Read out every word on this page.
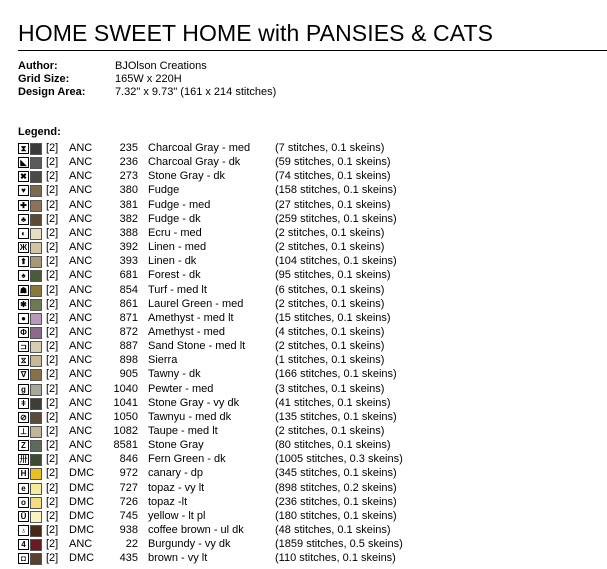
HOME SWEET HOME with PANSIES & CATS
Author:	BJOlson Creations
Grid Size:	165W x 220H
Design Area:	7.32" x 9.73" (161 x 214 stitches)
Legend:
⧗ [2] ANC	235 Charcoal Gray - med (7 stitches, 0.1 skeins)
◣ [2] ANC	236 Charcoal Gray - dk	(59 stitches, 0.1 skeins)
✖ [2] ANC	273 Stone Gray - dk	(74 stitches, 0.1 skeins)
♥ [2] ANC	380 Fudge	(158 stitches, 0.1 skeins)
✚ [2] ANC	381 Fudge - med	(27 stitches, 0.1 skeins)
♣ [2] ANC	382 Fudge - dk	(259 stitches, 0.1 skeins)
◐ [2] ANC	388 Ecru - med	(2 stitches, 0.1 skeins)
Ж [2] ANC	392 Linen - med	(2 stitches, 0.1 skeins)
⬆ [2] ANC	393 Linen - dk	(104 stitches, 0.1 skeins)
♠	[2] ANC	681 Forest - dk	(95 stitches, 0.1 skeins)
☗ [2] ANC	854 Turf - med lt	(6 stitches, 0.1 skeins)
✱ [2] ANC	861 Laurel Green - med	(2 stitches, 0.1 skeins)
● [2] ANC	871 Amethyst - med lt	(15 stitches, 0.1 skeins)
Φ [2] ANC	872 Amethyst - med	(4 stitches, 0.1 skeins)
⊐ [2] ANC	887 Sand Stone - med lt	(2 stitches, 0.1 skeins)
⧖ [2] ANC	898 Sierra	(1 stitches, 0.1 skeins)
∇ [2] ANC	905 Tawny - dk	(166 stitches, 0.1 skeins)
g [2] ANC	1040 Pewter - med	(3 stitches, 0.1 skeins)
ǂ [2] ANC	1041 Stone Gray - vy dk	(41 stitches, 0.1 skeins)
⊘ [2] ANC	1050 Tawnyu - med dk	(135 stitches, 0.1 skeins)
⊥ [2] ANC	1082 Taupe - med lt	(2 stitches, 0.1 skeins)
Z [2] ANC	8581 Stone Gray	(80 stitches, 0.1 skeins)
卅 [2] ANC	846 Fern Green - dk	(1005 stitches, 0.3 skeins)
H [2] DMC	972 canary - dp	(345 stitches, 0.1 skeins)
e [2] DMC	727 topaz - vy lt	(898 stitches, 0.2 skeins)
o [2] DMC	726 topaz -lt	(236 stitches, 0.1 skeins)
Ũ [2] DMC	745 yellow - lt pl	(180 stitches, 0.1 skeins)
♁ [2] DMC	938 coffee brown - ul dk	(48 stitches, 0.1 skeins)
4 [2] ANC	22 Burgundy - vy dk	(1859 stitches, 0.5 skeins)
◘ [2] DMC	435 brown - vy lt	(110 stitches, 0.1 skeins)
